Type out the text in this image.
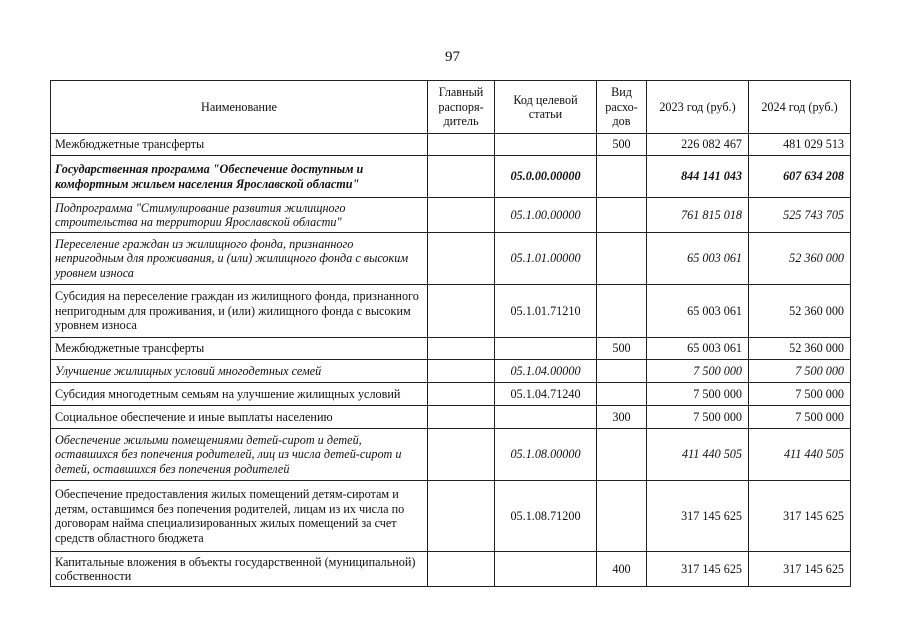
97
Наименование	Главный распоря-дитель	Код целевой статьи	Вид расхо-дов	2023 год (руб.)	2024 год (руб.)
Межбюджетные трансферты			500	226 082 467	481 029 513
Государственная программа "Обеспечение доступным и комфортным жильем населения Ярославской области"		05.0.00.00000		844 141 043	607 634 208
Подпрограмма "Стимулирование развития жилищного строительства на территории Ярославской области"		05.1.00.00000		761 815 018	525 743 705
Переселение граждан из жилищного фонда, признанного непригодным для проживания, и (или) жилищного фонда с высоким уровнем износа		05.1.01.00000		65 003 061	52 360 000
Субсидия на переселение граждан из жилищного фонда, признанного непригодным для проживания, и (или) жилищного фонда с высоким уровнем износа		05.1.01.71210		65 003 061	52 360 000
Межбюджетные трансферты			500	65 003 061	52 360 000
Улучшение жилищных условий многодетных семей		05.1.04.00000		7 500 000	7 500 000
Субсидия многодетным семьям на улучшение жилищных условий		05.1.04.71240		7 500 000	7 500 000
Социальное обеспечение и иные выплаты населению			300	7 500 000	7 500 000
Обеспечение жилыми помещениями детей-сирот и детей, оставшихся без попечения родителей, лиц из числа детей-сирот и детей, оставшихся без попечения родителей		05.1.08.00000		411 440 505	411 440 505
Обеспечение предоставления жилых помещений детям-сиротам и детям, оставшимся без попечения родителей, лицам из их числа по договорам найма специализированных жилых помещений за счет средств областного бюджета		05.1.08.71200		317 145 625	317 145 625
Капитальные вложения в объекты государственной (муниципальной) собственности			400	317 145 625	317 145 625
